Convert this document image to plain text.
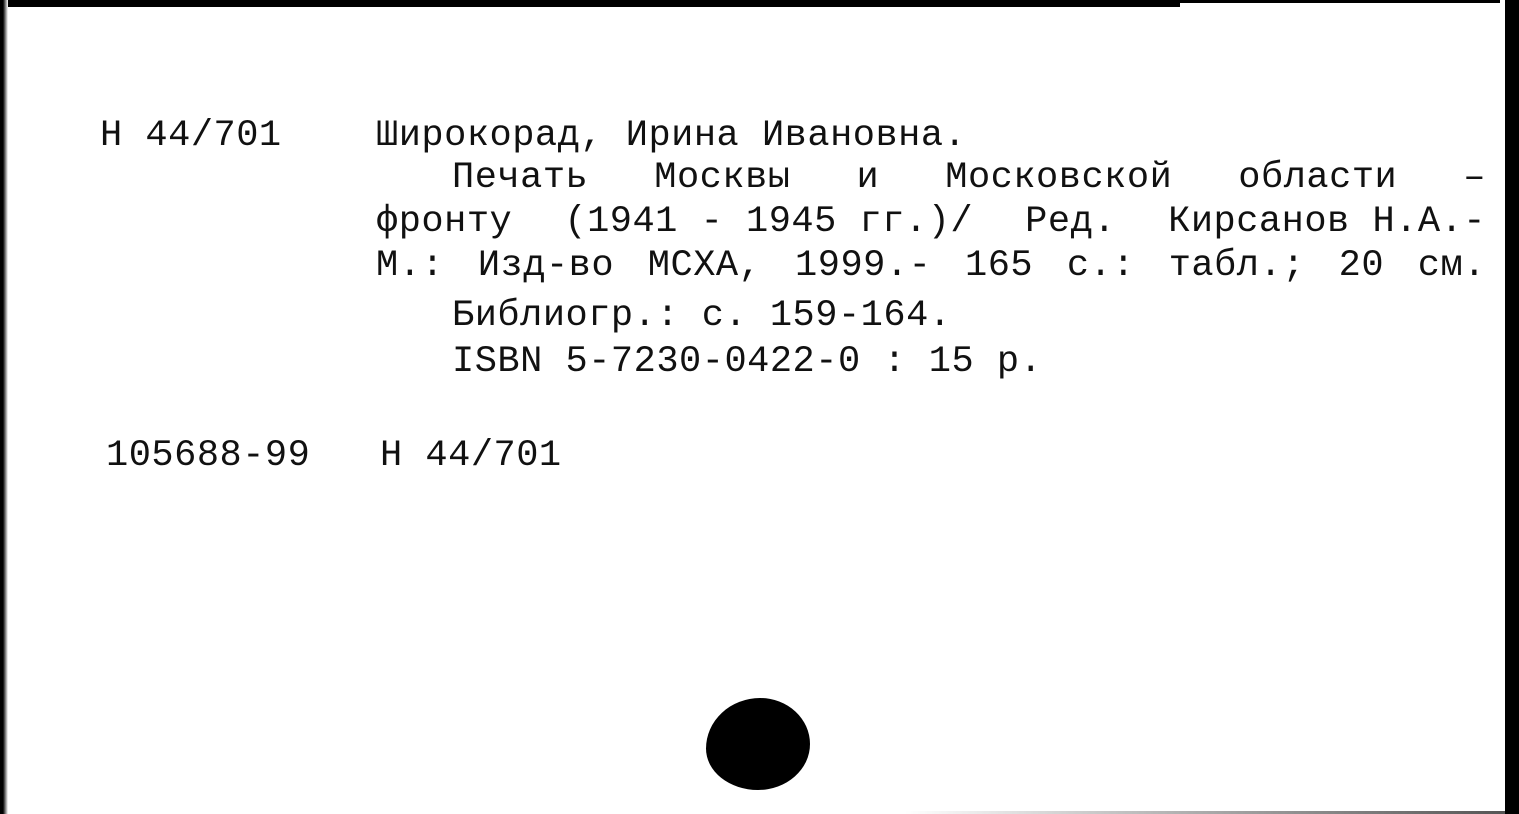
Н 44/701	Широкорад, Ирина Ивановна.
Печать Москвы и Московской области –
фронту (1941 - 1945 гг.)/ Ред. Кирсанов Н.А.-
М.: Изд-во МСХА, 1999.- 165 с.: табл.; 20 см.
Библиогр.: с. 159-164.
ISBN 5-7230-0422-0 : 15 р.
105688-99 Н 44/701
